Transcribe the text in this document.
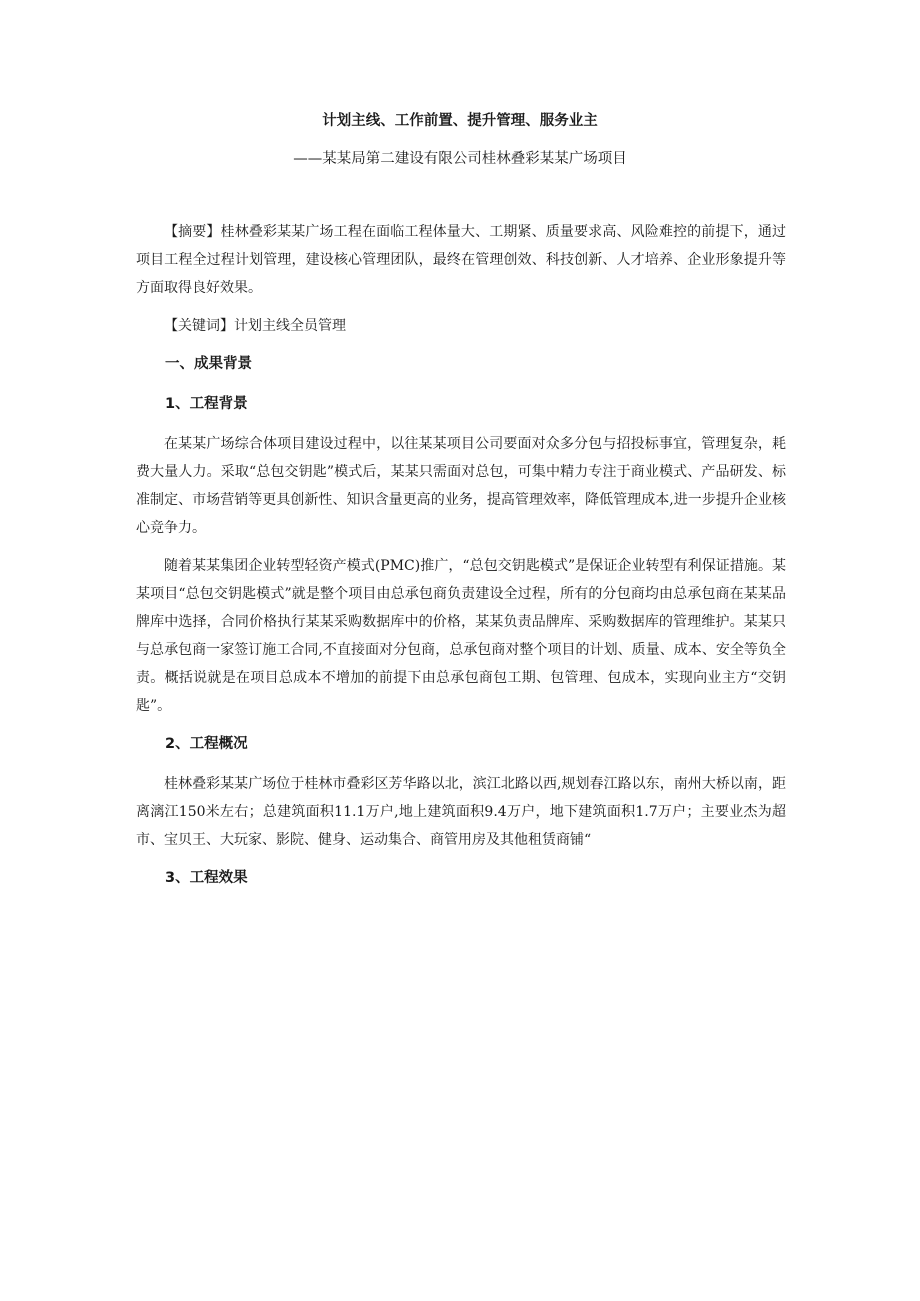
计划主线、工作前置、提升管理、服务业主
——某某局第二建设有限公司桂林叠彩某某广场项目

【摘要】桂林叠彩某某广场工程在面临工程体量大、工期紧、质量要求高、风险难控的前提下，通过项目工程全过程计划管理，建设核心管理团队，最终在管理创效、科技创新、人才培养、企业形象提升等方面取得良好效果。

【关键词】计划主线全员管理

一、成果背景
1、工程背景

在某某广场综合体项目建设过程中，以往某某项目公司要面对众多分包与招投标事宜，管理复杂，耗费大量人力。采取“总包交钥匙”模式后，某某只需面对总包，可集中精力专注于商业模式、产品研发、标准制定、市场营销等更具创新性、知识含量更高的业务，提高管理效率，降低管理成本,进一步提升企业核心竞争力。

随着某某集团企业转型轻资产模式(PMC)推广，“总包交钥匙模式”是保证企业转型有利保证措施。某某项目“总包交钥匙模式”就是整个项目由总承包商负责建设全过程，所有的分包商均由总承包商在某某品牌库中选择，合同价格执行某某采购数据库中的价格，某某负责品牌库、采购数据库的管理维护。某某只与总承包商一家签订施工合同,不直接面对分包商，总承包商对整个项目的计划、质量、成本、安全等负全责。概括说就是在项目总成本不增加的前提下由总承包商包工期、包管理、包成本，实现向业主方“交钥匙”。

2、工程概况

桂林叠彩某某广场位于桂林市叠彩区芳华路以北，滨江北路以西,规划春江路以东，南州大桥以南，距离漓江150米左右；总建筑面积11.1万户,地上建筑面积9.4万户，地下建筑面积1.7万户；主要业杰为超市、宝贝王、大玩家、影院、健身、运动集合、商管用房及其他租赁商铺“

3、工程效果
